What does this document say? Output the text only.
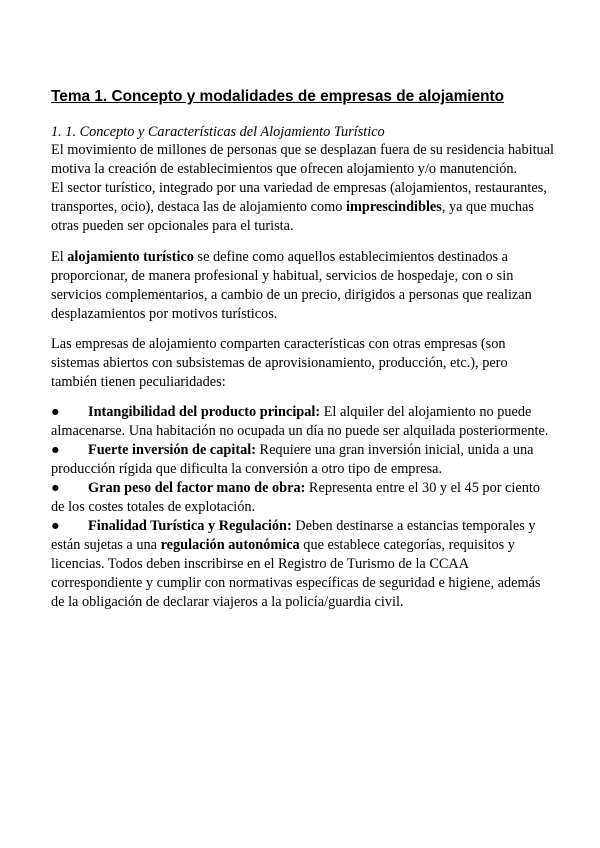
Tema 1. Concepto y modalidades de empresas de alojamiento
1. 1. Concepto y Características del Alojamiento Turístico

El movimiento de millones de personas que se desplazan fuera de su residencia habitual motiva la creación de establecimientos que ofrecen alojamiento y/o manutención.

El sector turístico, integrado por una variedad de empresas (alojamientos, restaurantes, transportes, ocio), destaca las de alojamiento como imprescindibles, ya que muchas otras pueden ser opcionales para el turista.

El alojamiento turístico se define como aquellos establecimientos destinados a proporcionar, de manera profesional y habitual, servicios de hospedaje, con o sin servicios complementarios, a cambio de un precio, dirigidos a personas que realizan desplazamientos por motivos turísticos.

Las empresas de alojamiento comparten características con otras empresas (son sistemas abiertos con subsistemas de aprovisionamiento, producción, etc.), pero también tienen peculiaridades:

● Intangibilidad del producto principal: El alquiler del alojamiento no puede almacenarse. Una habitación no ocupada un día no puede ser alquilada posteriormente.

● Fuerte inversión de capital: Requiere una gran inversión inicial, unida a una producción rígida que dificulta la conversión a otro tipo de empresa.

● Gran peso del factor mano de obra: Representa entre el 30 y el 45 por ciento de los costes totales de explotación.

● Finalidad Turística y Regulación: Deben destinarse a estancias temporales y están sujetas a una regulación autonómica que establece categorías, requisitos y licencias. Todos deben inscribirse en el Registro de Turismo de la CCAA correspondiente y cumplir con normativas específicas de seguridad e higiene, además de la obligación de declarar viajeros a la policía/guardia civil.
